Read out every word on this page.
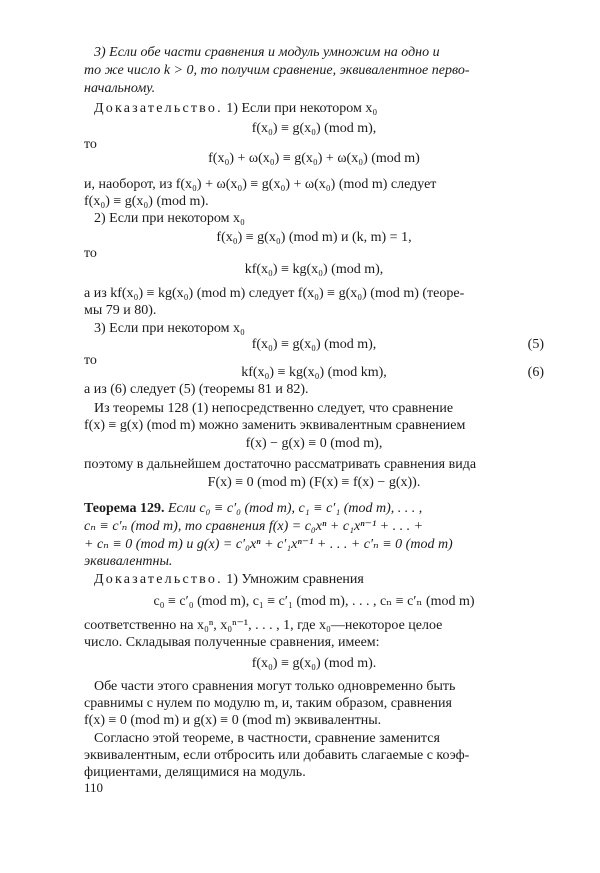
3) Если обе части сравнения и модуль умножим на одно и
то же число k > 0, то получим сравнение, эквивалентное перво-
начальному.
Доказательство. 1) Если при некотором x₀
f(x₀) ≡ g(x₀) (mod m),
то
f(x₀) + ω(x₀) ≡ g(x₀) + ω(x₀) (mod m)
и, наоборот, из f(x₀) + ω(x₀) ≡ g(x₀) + ω(x₀) (mod m) следует
f(x₀) ≡ g(x₀) (mod m).
2) Если при некотором x₀
f(x₀) ≡ g(x₀) (mod m) и (k, m) = 1,
то
kf(x₀) ≡ kg(x₀) (mod m),
а из kf(x₀) ≡ kg(x₀) (mod m) следует f(x₀) ≡ g(x₀) (mod m) (теоре-
мы 79 и 80).
3) Если при некотором x₀
f(x₀) ≡ g(x₀) (mod m),	(5)
то
kf(x₀) ≡ kg(x₀) (mod km),	(6)
а из (6) следует (5) (теоремы 81 и 82).
Из теоремы 128 (1) непосредственно следует, что сравнение
f(x) ≡ g(x) (mod m) можно заменить эквивалентным сравнением
f(x) − g(x) ≡ 0 (mod m),
поэтому в дальнейшем достаточно рассматривать сравнения вида
F(x) ≡ 0 (mod m) (F(x) ≡ f(x) − g(x)).
Теорема 129. Если c₀ ≡ c′₀ (mod m), c₁ ≡ c′₁ (mod m), . . . ,
cₙ ≡ c′ₙ (mod m), то сравнения f(x) = c₀xⁿ + c₁xⁿ⁻¹ + . . . +
+ cₙ ≡ 0 (mod m) и g(x) = c′₀xⁿ + c′₁xⁿ⁻¹ + . . . + c′ₙ ≡ 0 (mod m)
эквивалентны.
Доказательство. 1) Умножим сравнения
c₀ ≡ c′₀ (mod m), c₁ ≡ c′₁ (mod m), . . . , cₙ ≡ c′ₙ (mod m)
соответственно на x₀ⁿ, x₀ⁿ⁻¹, . . . , 1, где x₀—некоторое целое
число. Складывая полученные сравнения, имеем:
f(x₀) ≡ g(x₀) (mod m).
Обе части этого сравнения могут только одновременно быть
сравнимы с нулем по модулю m, и, таким образом, сравнения
f(x) ≡ 0 (mod m) и g(x) ≡ 0 (mod m) эквивалентны.
Согласно этой теореме, в частности, сравнение заменится
эквивалентным, если отбросить или добавить слагаемые с коэф-
фициентами, делящимися на модуль.
110
